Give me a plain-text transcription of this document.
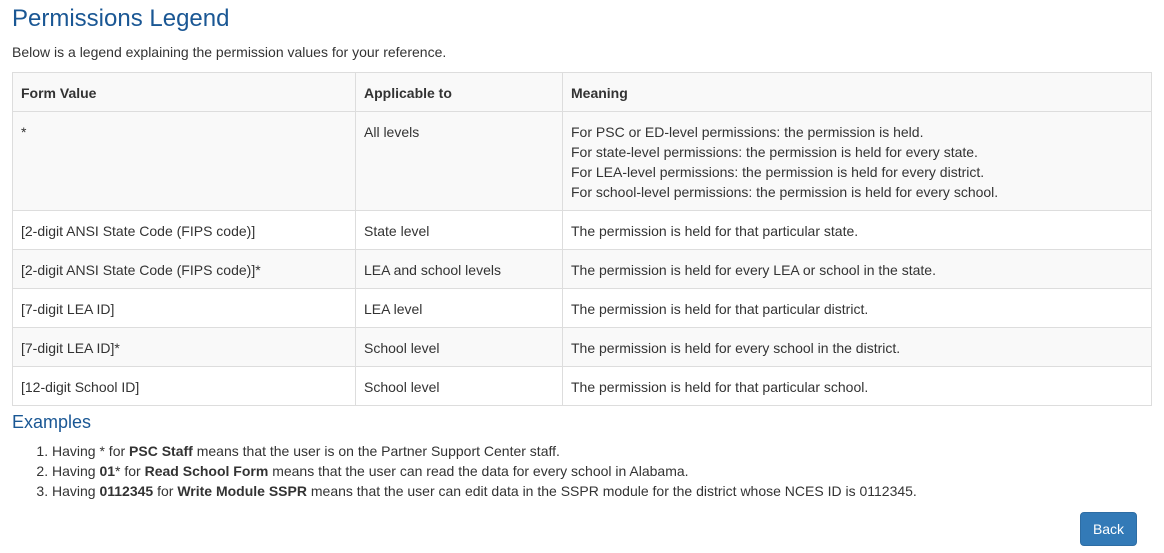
Permissions Legend

Below is a legend explaining the permission values for your reference.

Form Value	Applicable to	Meaning
*	All levels	For PSC or ED-level permissions: the permission is held.
For state-level permissions: the permission is held for every state.
For LEA-level permissions: the permission is held for every district.
For school-level permissions: the permission is held for every school.

[2-digit ANSI State Code (FIPS code)]	State level	The permission is held for that particular state.
[2-digit ANSI State Code (FIPS code)]*	LEA and school levels	The permission is held for every LEA or school in the state.
[7-digit LEA ID]	LEA level	The permission is held for that particular district.
[7-digit LEA ID]*	School level	The permission is held for every school in the district.
[12-digit School ID]	School level	The permission is held for that particular school.
Examples
1. Having * for PSC Staff means that the user is on the Partner Support Center staff.
2. Having 01* for Read School Form means that the user can read the data for every school in Alabama.
3. Having 0112345 for Write Module SSPR means that the user can edit data in the SSPR module for the district whose NCES ID is 0112345.
Back
